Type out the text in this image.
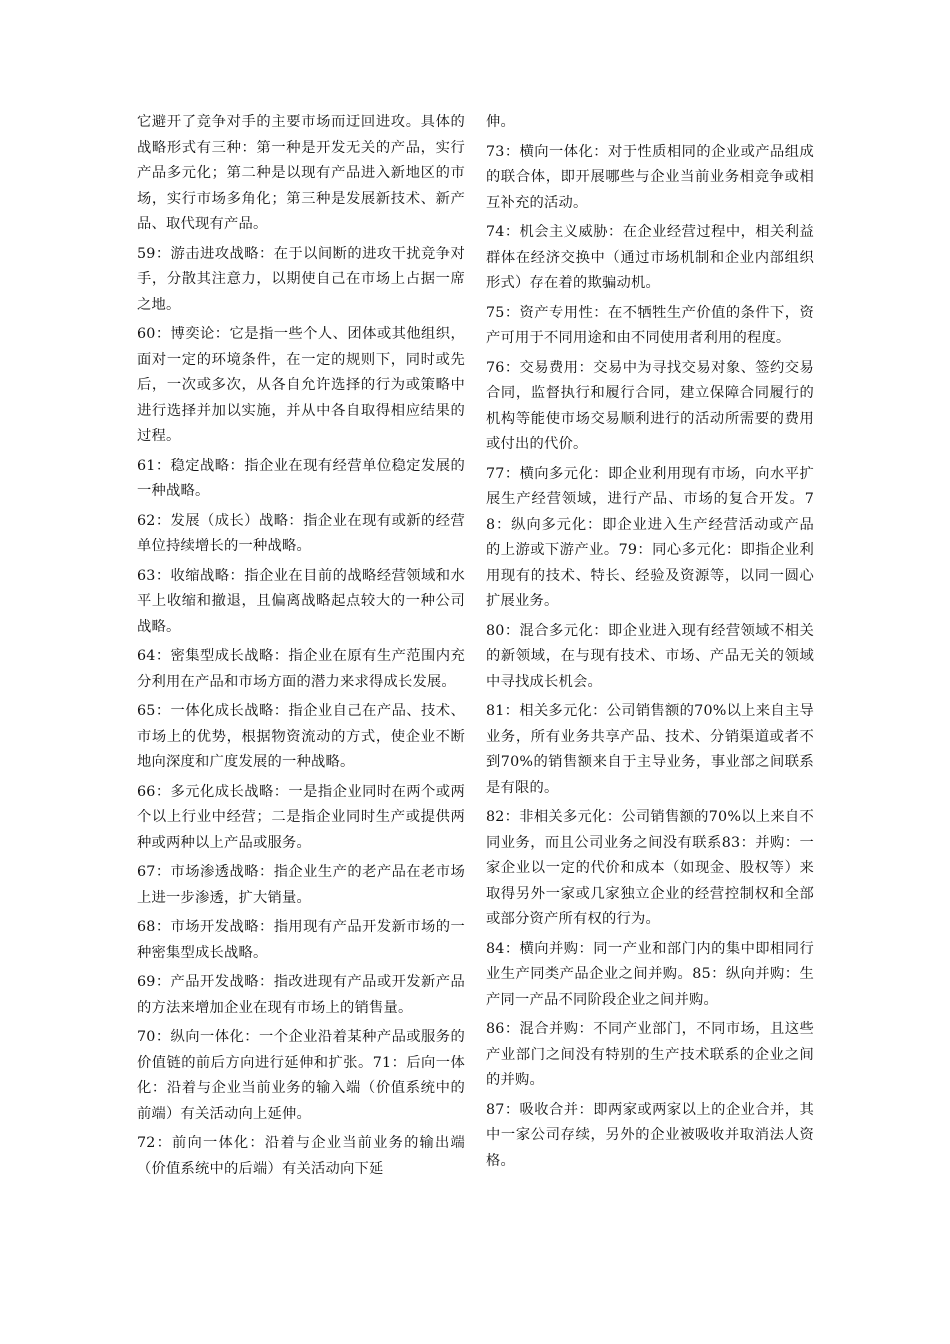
它避开了竞争对手的主要市场而迂回进攻。具体的战略形式有三种：第一种是开发无关的产品，实行产品多元化；第二种是以现有产品进入新地区的市场，实行市场多角化；第三种是发展新技术、新产品、取代现有产品。

59：游击进攻战略：在于以间断的进攻干扰竞争对手，分散其注意力，以期使自己在市场上占据一席之地。

60：博奕论：它是指一些个人、团体或其他组织，面对一定的环境条件，在一定的规则下，同时或先后，一次或多次，从各自允许选择的行为或策略中进行选择并加以实施，并从中各自取得相应结果的过程。

61：稳定战略：指企业在现有经营单位稳定发展的一种战略。

62：发展（成长）战略：指企业在现有或新的经营单位持续增长的一种战略。

63：收缩战略：指企业在目前的战略经营领域和水平上收缩和撤退，且偏离战略起点较大的一种公司战略。

64：密集型成长战略：指企业在原有生产范围内充分利用在产品和市场方面的潜力来求得成长发展。

65：一体化成长战略：指企业自己在产品、技术、市场上的优势，根据物资流动的方式，使企业不断地向深度和广度发展的一种战略。

66：多元化成长战略：一是指企业同时在两个或两个以上行业中经营；二是指企业同时生产或提供两种或两种以上产品或服务。

67：市场渗透战略：指企业生产的老产品在老市场上进一步渗透，扩大销量。

68：市场开发战略：指用现有产品开发新市场的一种密集型成长战略。

69：产品开发战略：指改进现有产品或开发新产品的方法来增加企业在现有市场上的销售量。

70：纵向一体化：一个企业沿着某种产品或服务的价值链的前后方向进行延伸和扩张。71：后向一体化：沿着与企业当前业务的输入端（价值系统中的前端）有关活动向上延伸。

72：前向一体化：沿着与企业当前业务的输出端（价值系统中的后端）有关活动向下延

伸。

73：横向一体化：对于性质相同的企业或产品组成的联合体，即开展哪些与企业当前业务相竞争或相互补充的活动。

74：机会主义威胁：在企业经营过程中，相关利益群体在经济交换中（通过市场机制和企业内部组织形式）存在着的欺骗动机。

75：资产专用性：在不牺牲生产价值的条件下，资产可用于不同用途和由不同使用者利用的程度。

76：交易费用：交易中为寻找交易对象、签约交易合同，监督执行和履行合同，建立保障合同履行的机构等能使市场交易顺利进行的活动所需要的费用或付出的代价。

77：横向多元化：即企业利用现有市场，向水平扩展生产经营领域，进行产品、市场的复合开发。78：纵向多元化：即企业进入生产经营活动或产品的上游或下游产业。79：同心多元化：即指企业利用现有的技术、特长、经验及资源等，以同一圆心扩展业务。

80：混合多元化：即企业进入现有经营领域不相关的新领域，在与现有技术、市场、产品无关的领域中寻找成长机会。

81：相关多元化：公司销售额的70%以上来自主导业务，所有业务共享产品、技术、分销渠道或者不到70%的销售额来自于主导业务，事业部之间联系是有限的。

82：非相关多元化：公司销售额的70%以上来自不同业务，而且公司业务之间没有联系83：并购：一家企业以一定的代价和成本（如现金、股权等）来取得另外一家或几家独立企业的经营控制权和全部或部分资产所有权的行为。

84：横向并购：同一产业和部门内的集中即相同行业生产同类产品企业之间并购。85：纵向并购：生产同一产品不同阶段企业之间并购。

86：混合并购：不同产业部门，不同市场，且这些产业部门之间没有特别的生产技术联系的企业之间的并购。

87：吸收合并：即两家或两家以上的企业合并，其中一家公司存续，另外的企业被吸收并取消法人资格。
